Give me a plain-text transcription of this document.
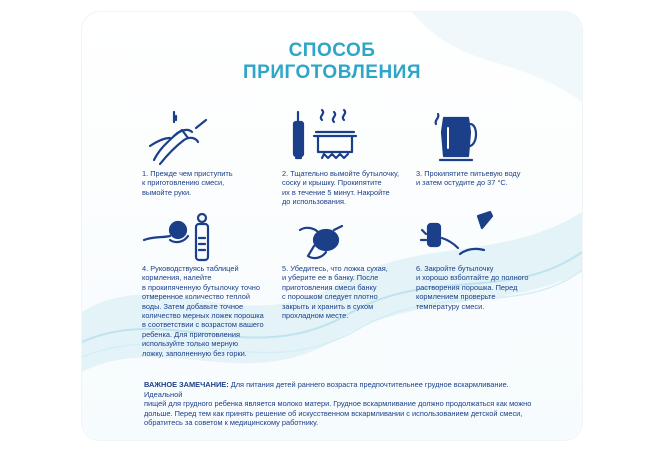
СПОСОБ
ПРИГОТОВЛЕНИЯ
1. Прежде чем приступить
к приготовлению смеси,
вымойте руки.
2. Тщательно вымойте бутылочку,
соску и крышку. Прокипятите
их в течение 5 минут. Накройте
до использования.
3. Прокипятите питьевую воду
и затем остудите до 37 °С.
4. Руководствуясь таблицей
кормления, налейте
в прокипяченную бутылочку точно
отмеренное количество теплой
воды. Затем добавьте точное
количество мерных ложек порошка
в соответствии с возрастом вашего
ребенка. Для приготовления
используйте только мерную
ложку, заполненную без горки.
5. Убедитесь, что ложка сухая,
и уберите ее в банку. После
приготовления смеси банку
с порошком следует плотно
закрыть и хранить в сухом
прохладном месте.
6. Закройте бутылочку
и хорошо взболтайте до полного
растворения порошка. Перед
кормлением проверьте
температуру смеси.
ВАЖНОЕ ЗАМЕЧАНИЕ: Для питания детей раннего возраста предпочтительнее грудное вскармливание. Идеальной
пищей для грудного ребенка является молоко матери. Грудное вскармливание должно продолжаться как можно
дольше. Перед тем как принять решение об искусственном вскармливании с использованием детской смеси,
обратитесь за советом к медицинскому работнику.
